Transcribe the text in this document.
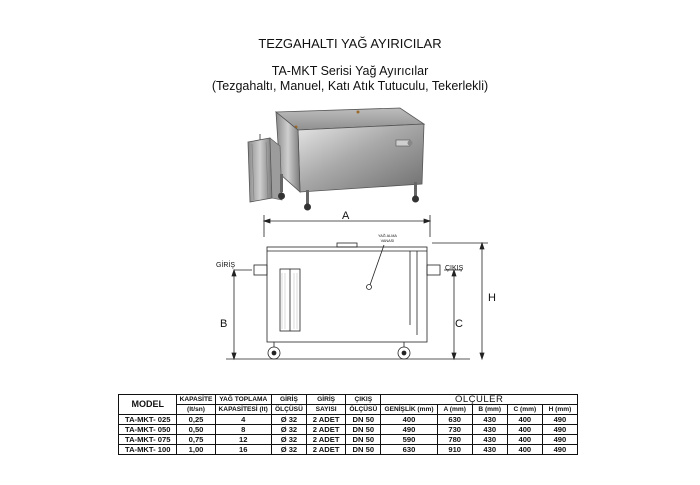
TEZGAHALTI YAĞ AYIRICILAR
TA-MKT Serisi Yağ Ayırıcılar
(Tezgahaltı, Manuel, Katı Atık Tutuculu, Tekerlekli)
A
B	C
H
GİRİŞ	ÇIKIŞ
YAĞ ALMA
VANASI
MODEL	KAPASİTE	YAĞ TOPLAMA	GİRİŞ	GİRİŞ	ÇIKIŞ	ÖLÇÜLER				
	(lt/sn)	KAPASİTESİ (lt)	ÖLÇÜSÜ	SAYISI	ÖLÇÜSÜ	GENİŞLİK (mm)	A (mm)	B (mm)	C (mm)	H (mm)
TA-MKT- 025	0,25	4	Ø 32	2 ADET	DN 50	400	630	430	400	490
TA-MKT- 050	0,50	8	Ø 32	2 ADET	DN 50	490	730	430	400	490
TA-MKT- 075	0,75	12	Ø 32	2 ADET	DN 50	590	780	430	400	490
TA-MKT- 100	1,00	16	Ø 32	2 ADET	DN 50	630	910	430	400	490
